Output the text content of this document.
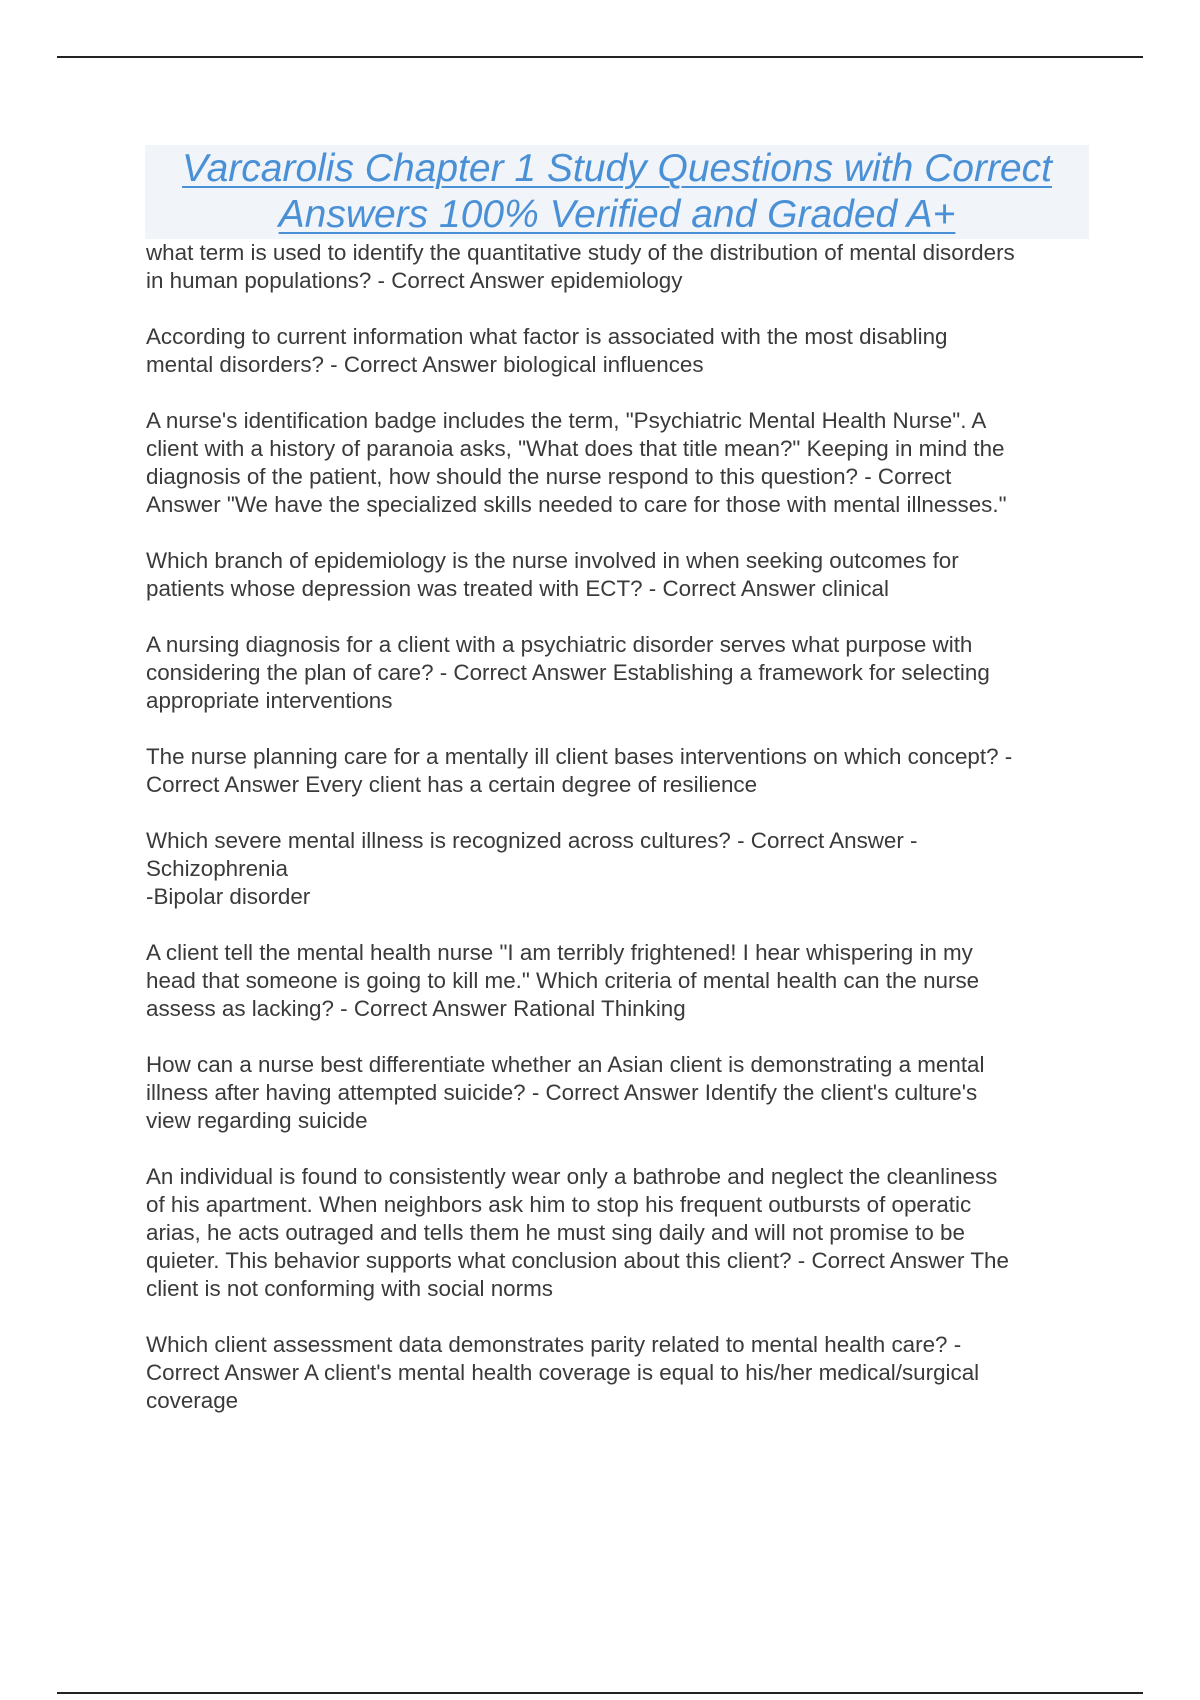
Varcarolis Chapter 1 Study Questions with Correct
Answers 100% Verified and Graded A+

what term is used to identify the quantitative study of the distribution of mental disorders
in human populations? - Correct Answer epidemiology

According to current information what factor is associated with the most disabling
mental disorders? - Correct Answer biological influences

A nurse's identification badge includes the term, "Psychiatric Mental Health Nurse". A
client with a history of paranoia asks, "What does that title mean?" Keeping in mind the
diagnosis of the patient, how should the nurse respond to this question? - Correct
Answer "We have the specialized skills needed to care for those with mental illnesses."

Which branch of epidemiology is the nurse involved in when seeking outcomes for
patients whose depression was treated with ECT? - Correct Answer clinical

A nursing diagnosis for a client with a psychiatric disorder serves what purpose with
considering the plan of care? - Correct Answer Establishing a framework for selecting
appropriate interventions

The nurse planning care for a mentally ill client bases interventions on which concept? -
Correct Answer Every client has a certain degree of resilience

Which severe mental illness is recognized across cultures? - Correct Answer -
Schizophrenia
-Bipolar disorder

A client tell the mental health nurse "I am terribly frightened! I hear whispering in my
head that someone is going to kill me." Which criteria of mental health can the nurse
assess as lacking? - Correct Answer Rational Thinking

How can a nurse best differentiate whether an Asian client is demonstrating a mental
illness after having attempted suicide? - Correct Answer Identify the client's culture's
view regarding suicide

An individual is found to consistently wear only a bathrobe and neglect the cleanliness
of his apartment. When neighbors ask him to stop his frequent outbursts of operatic
arias, he acts outraged and tells them he must sing daily and will not promise to be
quieter. This behavior supports what conclusion about this client? - Correct Answer The
client is not conforming with social norms

Which client assessment data demonstrates parity related to mental health care? -
Correct Answer A client's mental health coverage is equal to his/her medical/surgical
coverage
